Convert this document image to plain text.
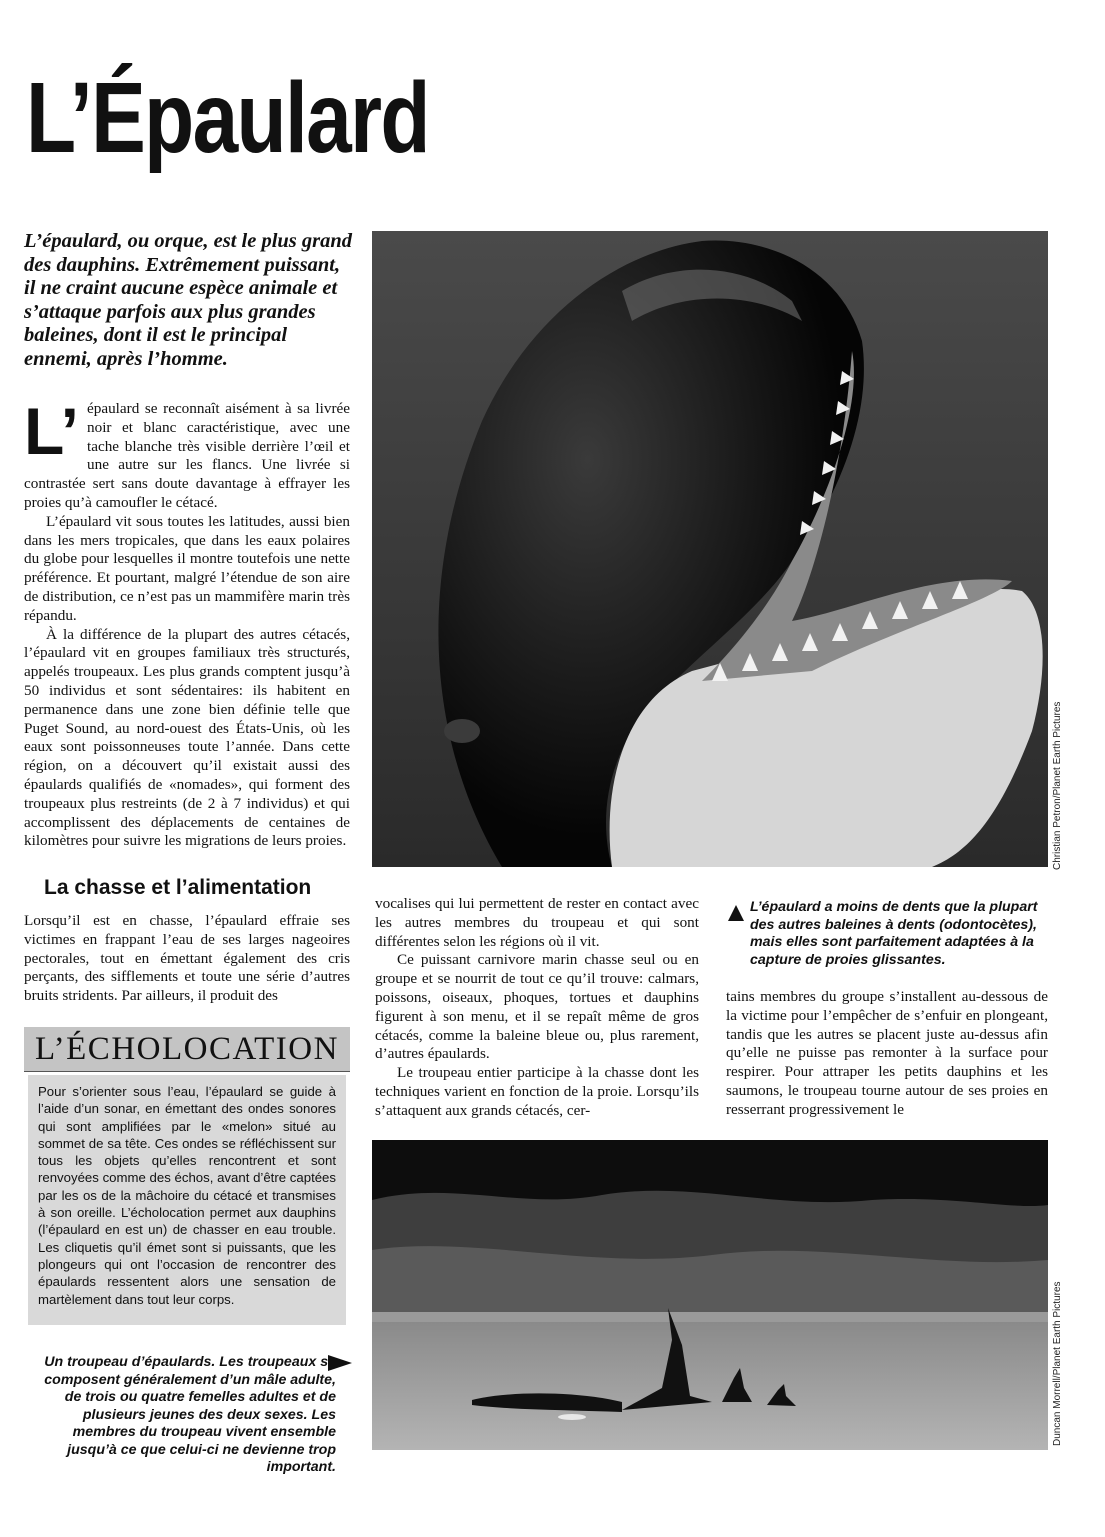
L’Épaulard

L’épaulard, ou orque, est le plus grand des dauphins. Extrêmement puissant, il ne craint aucune espèce animale et s’attaque parfois aux plus grandes baleines, dont il est le principal ennemi, après l’homme.

L’ épaulard se reconnaît aisément à sa livrée noir et blanc caractéristique, avec une tache blanche très visible derrière l’œil et une autre sur les flancs. Une livrée si contrastée sert sans doute davantage à effrayer les proies qu’à camoufler le cétacé.

L’épaulard vit sous toutes les latitudes, aussi bien dans les mers tropicales, que dans les eaux polaires du globe pour lesquelles il montre toutefois une nette préférence. Et pourtant, malgré l’étendue de son aire de distribution, ce n’est pas un mammifère marin très répandu.

À la différence de la plupart des autres cétacés, l’épaulard vit en groupes familiaux très structurés, appelés troupeaux. Les plus grands comptent jusqu’à 50 individus et sont sédentaires: ils habitent en permanence dans une zone bien définie telle que Puget Sound, au nord-ouest des États-Unis, où les eaux sont poissonneuses toute l’année. Dans cette région, on a découvert qu’il existait aussi des épaulards qualifiés de «nomades», qui forment des troupeaux plus restreints (de 2 à 7 individus) et qui accomplissent des déplacements de centaines de kilomètres pour suivre les migrations de leurs proies.	Christian Petron/Planet Earth Pictures
La chasse et l’alimentation

Lorsqu’il est en chasse, l’épaulard effraie ses victimes en frappant l’eau de ses larges nageoires pectorales, tout en émettant également des cris perçants, des sifflements et toute une série d’autres bruits stridents. Par ailleurs, il produit des

vocalises qui lui permettent de rester en contact avec les autres membres du troupeau et qui sont différentes selon les régions où il vit.

Ce puissant carnivore marin chasse seul ou en groupe et se nourrit de tout ce qu’il trouve: calmars, poissons, oiseaux, phoques, tortues et dauphins figurent à son menu, et il se repaît même de gros cétacés, comme la baleine bleue ou, plus rarement, d’autres épaulards.

Le troupeau entier participe à la chasse dont les techniques varient en fonction de la proie. Lorsqu’ils s’attaquent aux grands cétacés, cer-

L’épaulard a moins de dents que la plupart des autres baleines à dents (odontocètes), mais elles sont parfaitement adaptées à la capture de proies glissantes.

tains membres du groupe s’installent au-dessous de la victime pour l’empêcher de s’enfuir en plongeant, tandis que les autres se placent juste au-dessus afin qu’elle ne puisse pas remonter à la surface pour respirer. Pour attraper les petits dauphins et les saumons, le troupeau tourne autour de ses proies en resserrant progressivement le

L’ÉCHOLOCATION

Pour s’orienter sous l’eau, l’épaulard se guide à l’aide d’un sonar, en émettant des ondes sonores qui sont amplifiées par le «melon» situé au sommet de sa tête. Ces ondes se réfléchissent sur tous les objets qu’elles rencontrent et sont renvoyées comme des échos, avant d’être captées par les os de la mâchoire du cétacé et transmises à son oreille. L’écholocation permet aux dauphins (l’épaulard en est un) de chasser en eau trouble. Les cliquetis qu’il émet sont si puissants, que les plongeurs qui ont l’occasion de rencontrer des épaulards ressentent alors une sensation de martèlement dans tout leur corps.

Un troupeau d’épaulards. Les troupeaux se composent généralement d’un mâle adulte, de trois ou quatre femelles adultes et de plusieurs jeunes des deux sexes. Les membres du troupeau vivent ensemble jusqu’à ce que celui-ci ne devienne trop important.

Duncan Morrell/Planet Earth Pictures
